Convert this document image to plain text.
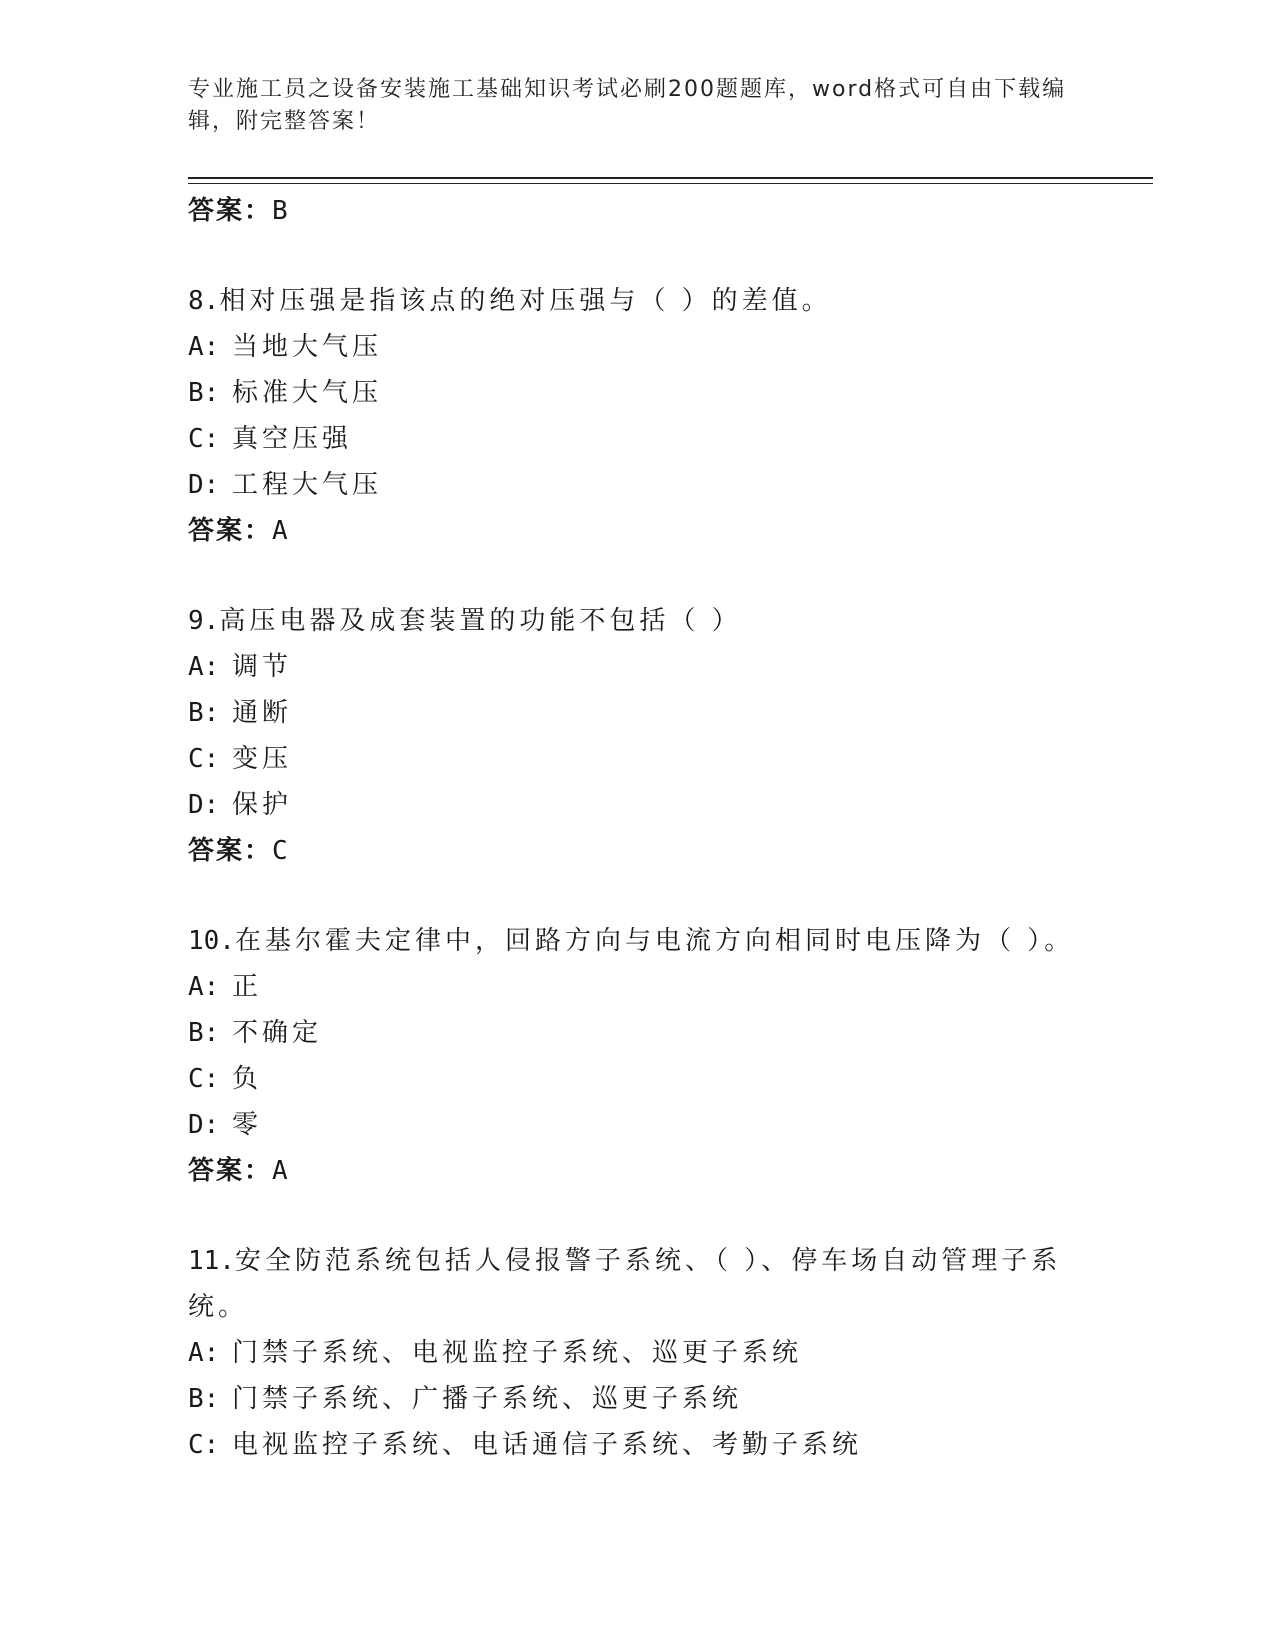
专业施工员之设备安装施工基础知识考试必刷200题题库，word格式可自由下载编辑，附完整答案！
答案：B
8.相对压强是指该点的绝对压强与（ ）的差值。
A: 当地大气压
B: 标准大气压
C: 真空压强
D: 工程大气压
答案：A
9.高压电器及成套装置的功能不包括（ ）
A: 调节
B: 通断
C: 变压
D: 保护
答案：C
10.在基尔霍夫定律中，回路方向与电流方向相同时电压降为（ ）。
A: 正
B: 不确定
C: 负
D: 零
答案：A
11.安全防范系统包括人侵报警子系统、（ ）、停车场自动管理子系统。
A: 门禁子系统、电视监控子系统、巡更子系统
B: 门禁子系统、广播子系统、巡更子系统
C: 电视监控子系统、电话通信子系统、考勤子系统
